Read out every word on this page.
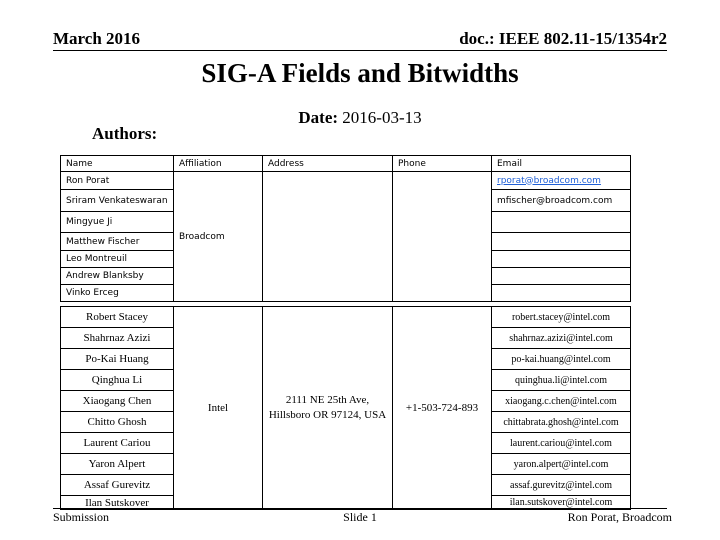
March 2016	doc.: IEEE 802.11-15/1354r2
SIG-A Fields and Bitwidths
Date: 2016-03-13
Authors:
Name	Affiliation	Address	Phone	Email
Ron Porat	Broadcom			rporat@broadcom.com
Sriram Venkateswaran				mfischer@broadcom.com
Mingyue Ji				
Matthew Fischer				
Leo Montreuil				
Andrew Blanksby				
Vinko Erceg				
Robert Stacey	Intel	2111 NE 25th Ave, Hillsboro OR 97124, USA	+1-503-724-893	robert.stacey@intel.com
Shahrnaz Azizi				shahrnaz.azizi@intel.com
Po-Kai Huang				po-kai.huang@intel.com
Qinghua Li				quinghua.li@intel.com
Xiaogang Chen				xiaogang.c.chen@intel.com
Chitto Ghosh				chittabrata.ghosh@intel.com
Laurent Cariou				laurent.cariou@intel.com
Yaron Alpert				yaron.alpert@intel.com
Assaf Gurevitz				assaf.gurevitz@intel.com
Ilan Sutskover				ilan.sutskover@intel.com
Submission	Slide 1	Ron Porat, Broadcom
